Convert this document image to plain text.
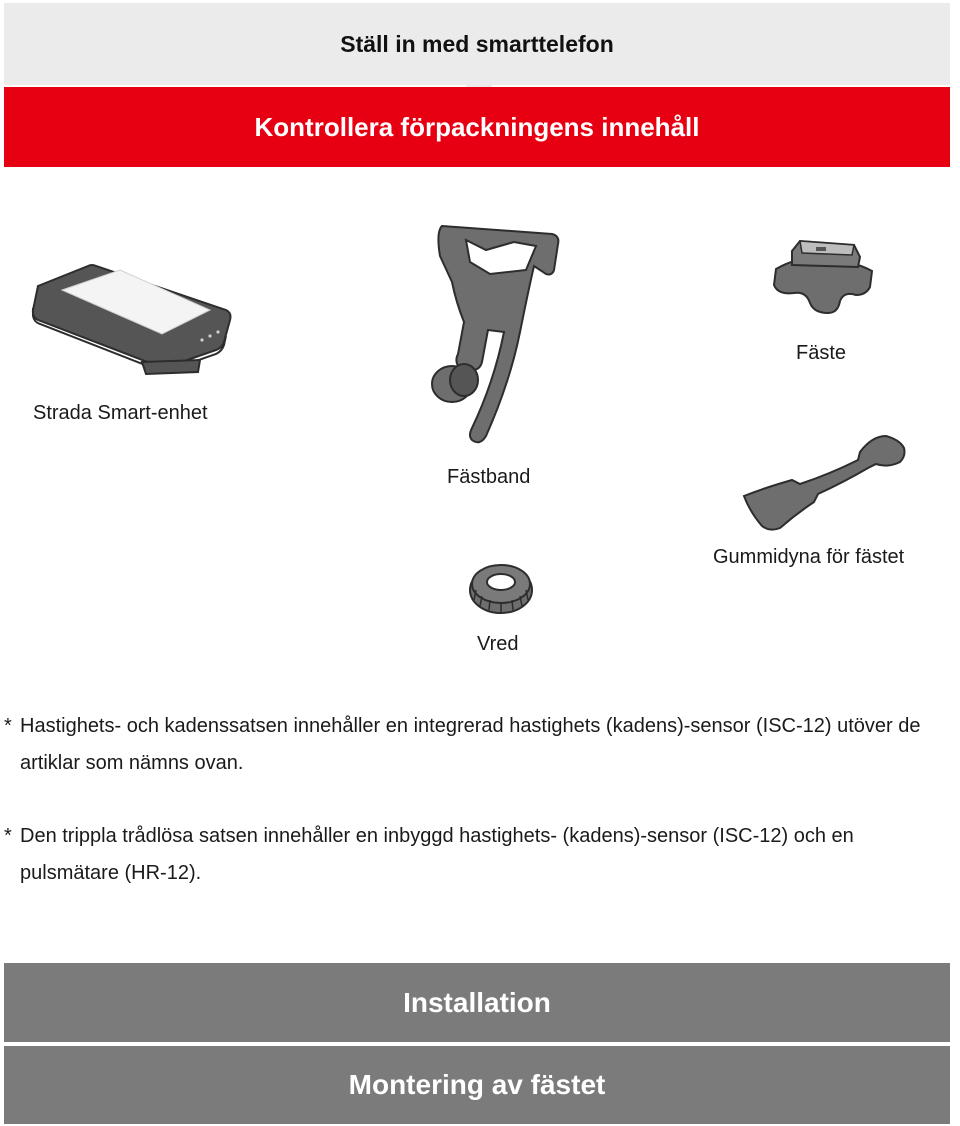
Ställ in med smarttelefon
Kontrollera förpackningens innehåll
Strada Smart-enhet
Fästband
Fäste
Gummidyna för fästet
Vred
* Hastighets- och kadenssatsen innehåller en integrerad hastighets (kadens)-sensor (ISC-12) utöver de artiklar som nämns ovan.
* Den trippla trådlösa satsen innehåller en inbyggd hastighets- (kadens)-sensor (ISC-12) och en pulsmätare (HR-12).
Installation
Montering av fästet
